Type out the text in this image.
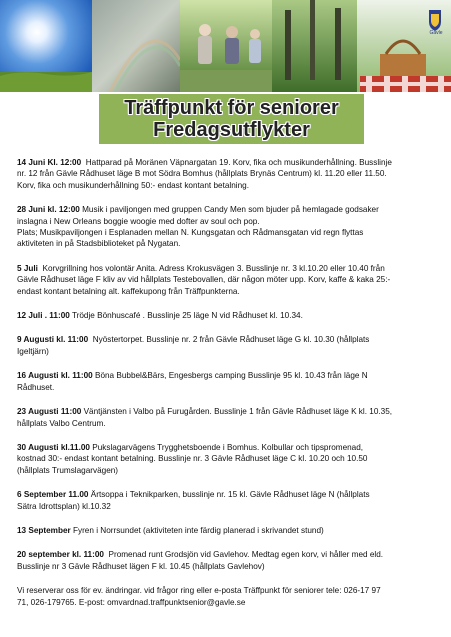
Gävle
Träffpunkt för seniorer
Fredagsutflykter
14 Juni Kl. 12:00 Hattparad på Moränen Väpnargatan 19. Korv, fika och musikunderhållning. Busslinje
nr. 12 från Gävle Rådhuset läge B mot Södra Bomhus (hållplats Brynäs Centrum) kl. 11.20 eller 11.50.
Korv, fika och musikunderhållning 50:- endast kontant betalning.
28 Juni kl. 12:00 Musik i paviljongen med gruppen Candy Men som bjuder på hemlagade godsaker
inslagna i New Orleans boggie woogie med dofter av soul och pop.
Plats; Musikpaviljongen i Esplanaden mellan N. Kungsgatan och Rådmansgatan vid regn flyttas
aktiviteten in på Stadsbiblioteket på Nygatan.
5 Juli Korvgrillning hos volontär Anita. Adress Krokusvägen 3. Busslinje nr. 3 kl.10.20 eller 10.40 från
Gävle Rådhuset läge F kliv av vid hållplats Testebovallen, där någon möter upp. Korv, kaffe & kaka 25:-
endast kontant betalning alt. kaffekupong från Träffpunkterna.
12 Juli . 11:00 Trödje Bönhuscafé . Busslinje 25 läge N vid Rådhuset kl. 10.34.
9 Augusti kl. 11:00 Nyöstertorpet. Busslinje nr. 2 från Gävle Rådhuset läge G kl. 10.30 (hållplats
Igeltjärn)
16 Augusti kl. 11:00 Böna Bubbel&Bärs, Engesbergs camping Busslinje 95 kl. 10.43 från läge N
Rådhuset.
23 Augusti 11:00 Väntjänsten i Valbo på Furugården. Busslinje 1 från Gävle Rådhuset läge K kl. 10.35,
hållplats Valbo Centrum.
30 Augusti kl.11.00 Pukslagarvägens Trygghetsboende i Bomhus. Kolbullar och tipspromenad,
kostnad 30:- endast kontant betalning. Busslinje nr. 3 Gävle Rådhuset läge C kl. 10.20 och 10.50
(hållplats Trumslagarvägen)
6 September 11.00 Ärtsoppa i Teknikparken, busslinje nr. 15 kl. Gävle Rådhuset läge N (hållplats
Sätra Idrottsplan) kl.10.32
13 September Fyren i Norrsundet (aktiviteten inte färdig planerad i skrivandet stund)
20 september kl. 11:00 Promenad runt Grodsjön vid Gavlehov. Medtag egen korv, vi håller med eld.
Busslinje nr 3 Gävle Rådhuset lägen F kl. 10.45 (hållplats Gavlehov)
Vi reserverar oss för ev. ändringar. vid frågor ring eller e-posta Träffpunkt för seniorer tele: 026-17 97
71, 026-179765. E-post: omvardnad.traffpunktsenior@gavle.se
